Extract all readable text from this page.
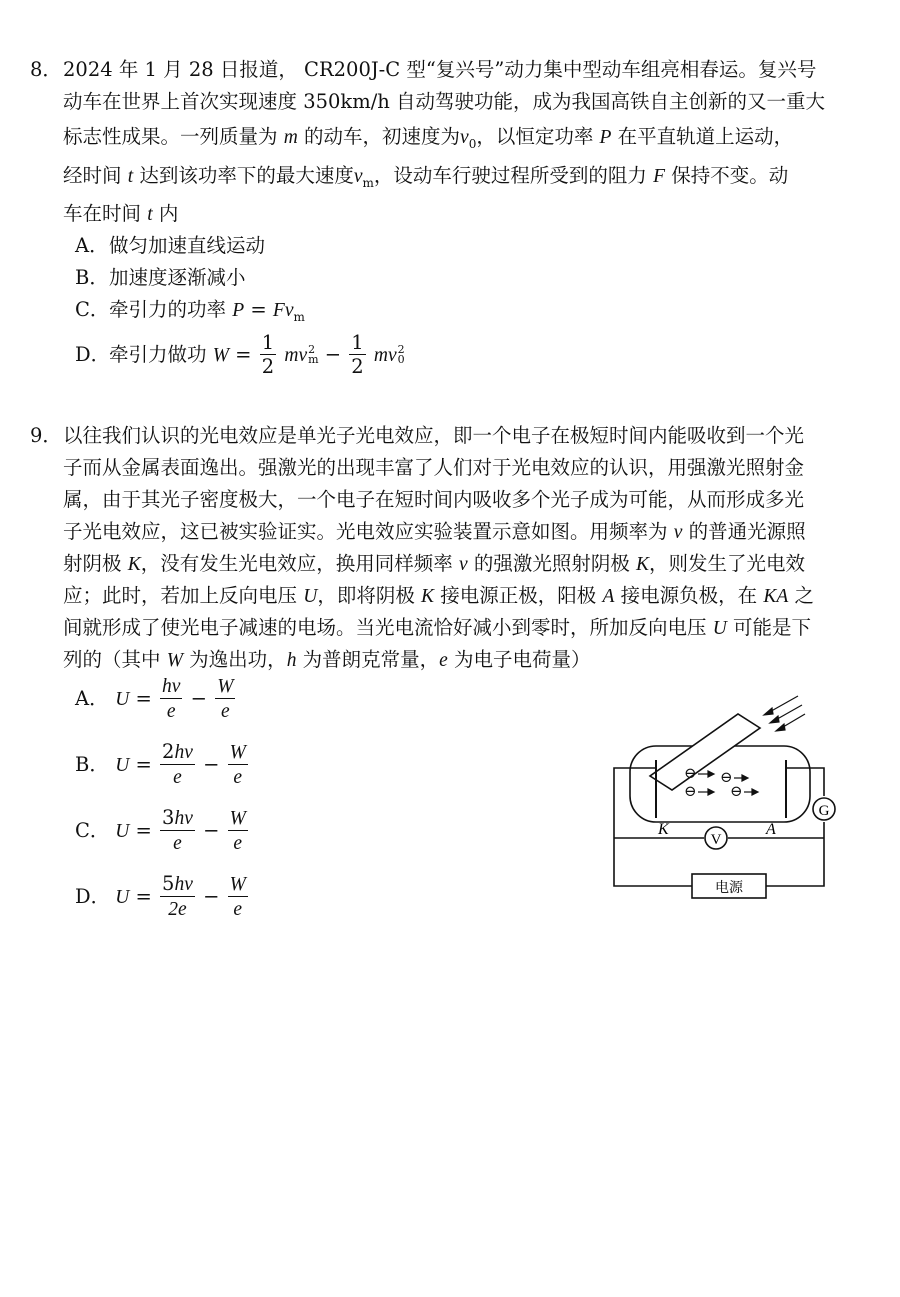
8． 2024 年 1 月 28 日报道， CR200J-C 型“复兴号”动力集中型动车组亮相春运。复兴号
动车在世界上首次实现速度 350km/h 自动驾驶功能，成为我国高铁自主创新的又一重大
标志性成果。一列质量为 m 的动车，初速度为$v_0$，以恒定功率 P 在平直轨道上运动，
经时间 t 达到该功率下的最大速度$v_m$，设动车行驶过程所受到的阻力 F 保持不变。动
车在时间 t 内
A．做匀加速直线运动
B．加速度逐渐减小
C．牵引力的功率 $P = Fv_m$
D．牵引力做功 $W = \frac{1}{2}$ mv 2
$m - \frac{1}{2}$ mv 2
0
9． 以往我们认识的光电效应是单光子光电效应，即一个电子在极短时间内能吸收到一个光
子而从金属表面逸出。强激光的出现丰富了人们对于光电效应的认识，用强激光照射金
属，由于其光子密度极大，一个电子在短时间内吸收多个光子成为可能，从而形成多光
子光电效应，这已被实验证实。光电效应实验装置示意如图。用频率为 ν 的普通光源照
射阴极 K，没有发生光电效应，换用同样频率 ν 的强激光照射阴极 K，则发生了光电效
应；此时，若加上反向电压 U，即将阴极 K 接电源正极，阳极 A 接电源负极，在 KA 之
间就形成了使光电子减速的电场。当光电流恰好减小到零时，所加反向电压 U 可能是下
列的（其中 W 为逸出功，h 为普朗克常量，e 为电子电荷量）
A． $U = \frac{h\nu}{e} - \frac{W}{e}$
B． $U = \frac{2h\nu}{e} - \frac{W}{e}$
C． $U = \frac{3h\nu}{e} - \frac{W}{e}$
D． $U = \frac{5h\nu}{2e} - \frac{W}{e}$
K	A
⊖ ⊖
⊖ ⊖
G
V
电源
